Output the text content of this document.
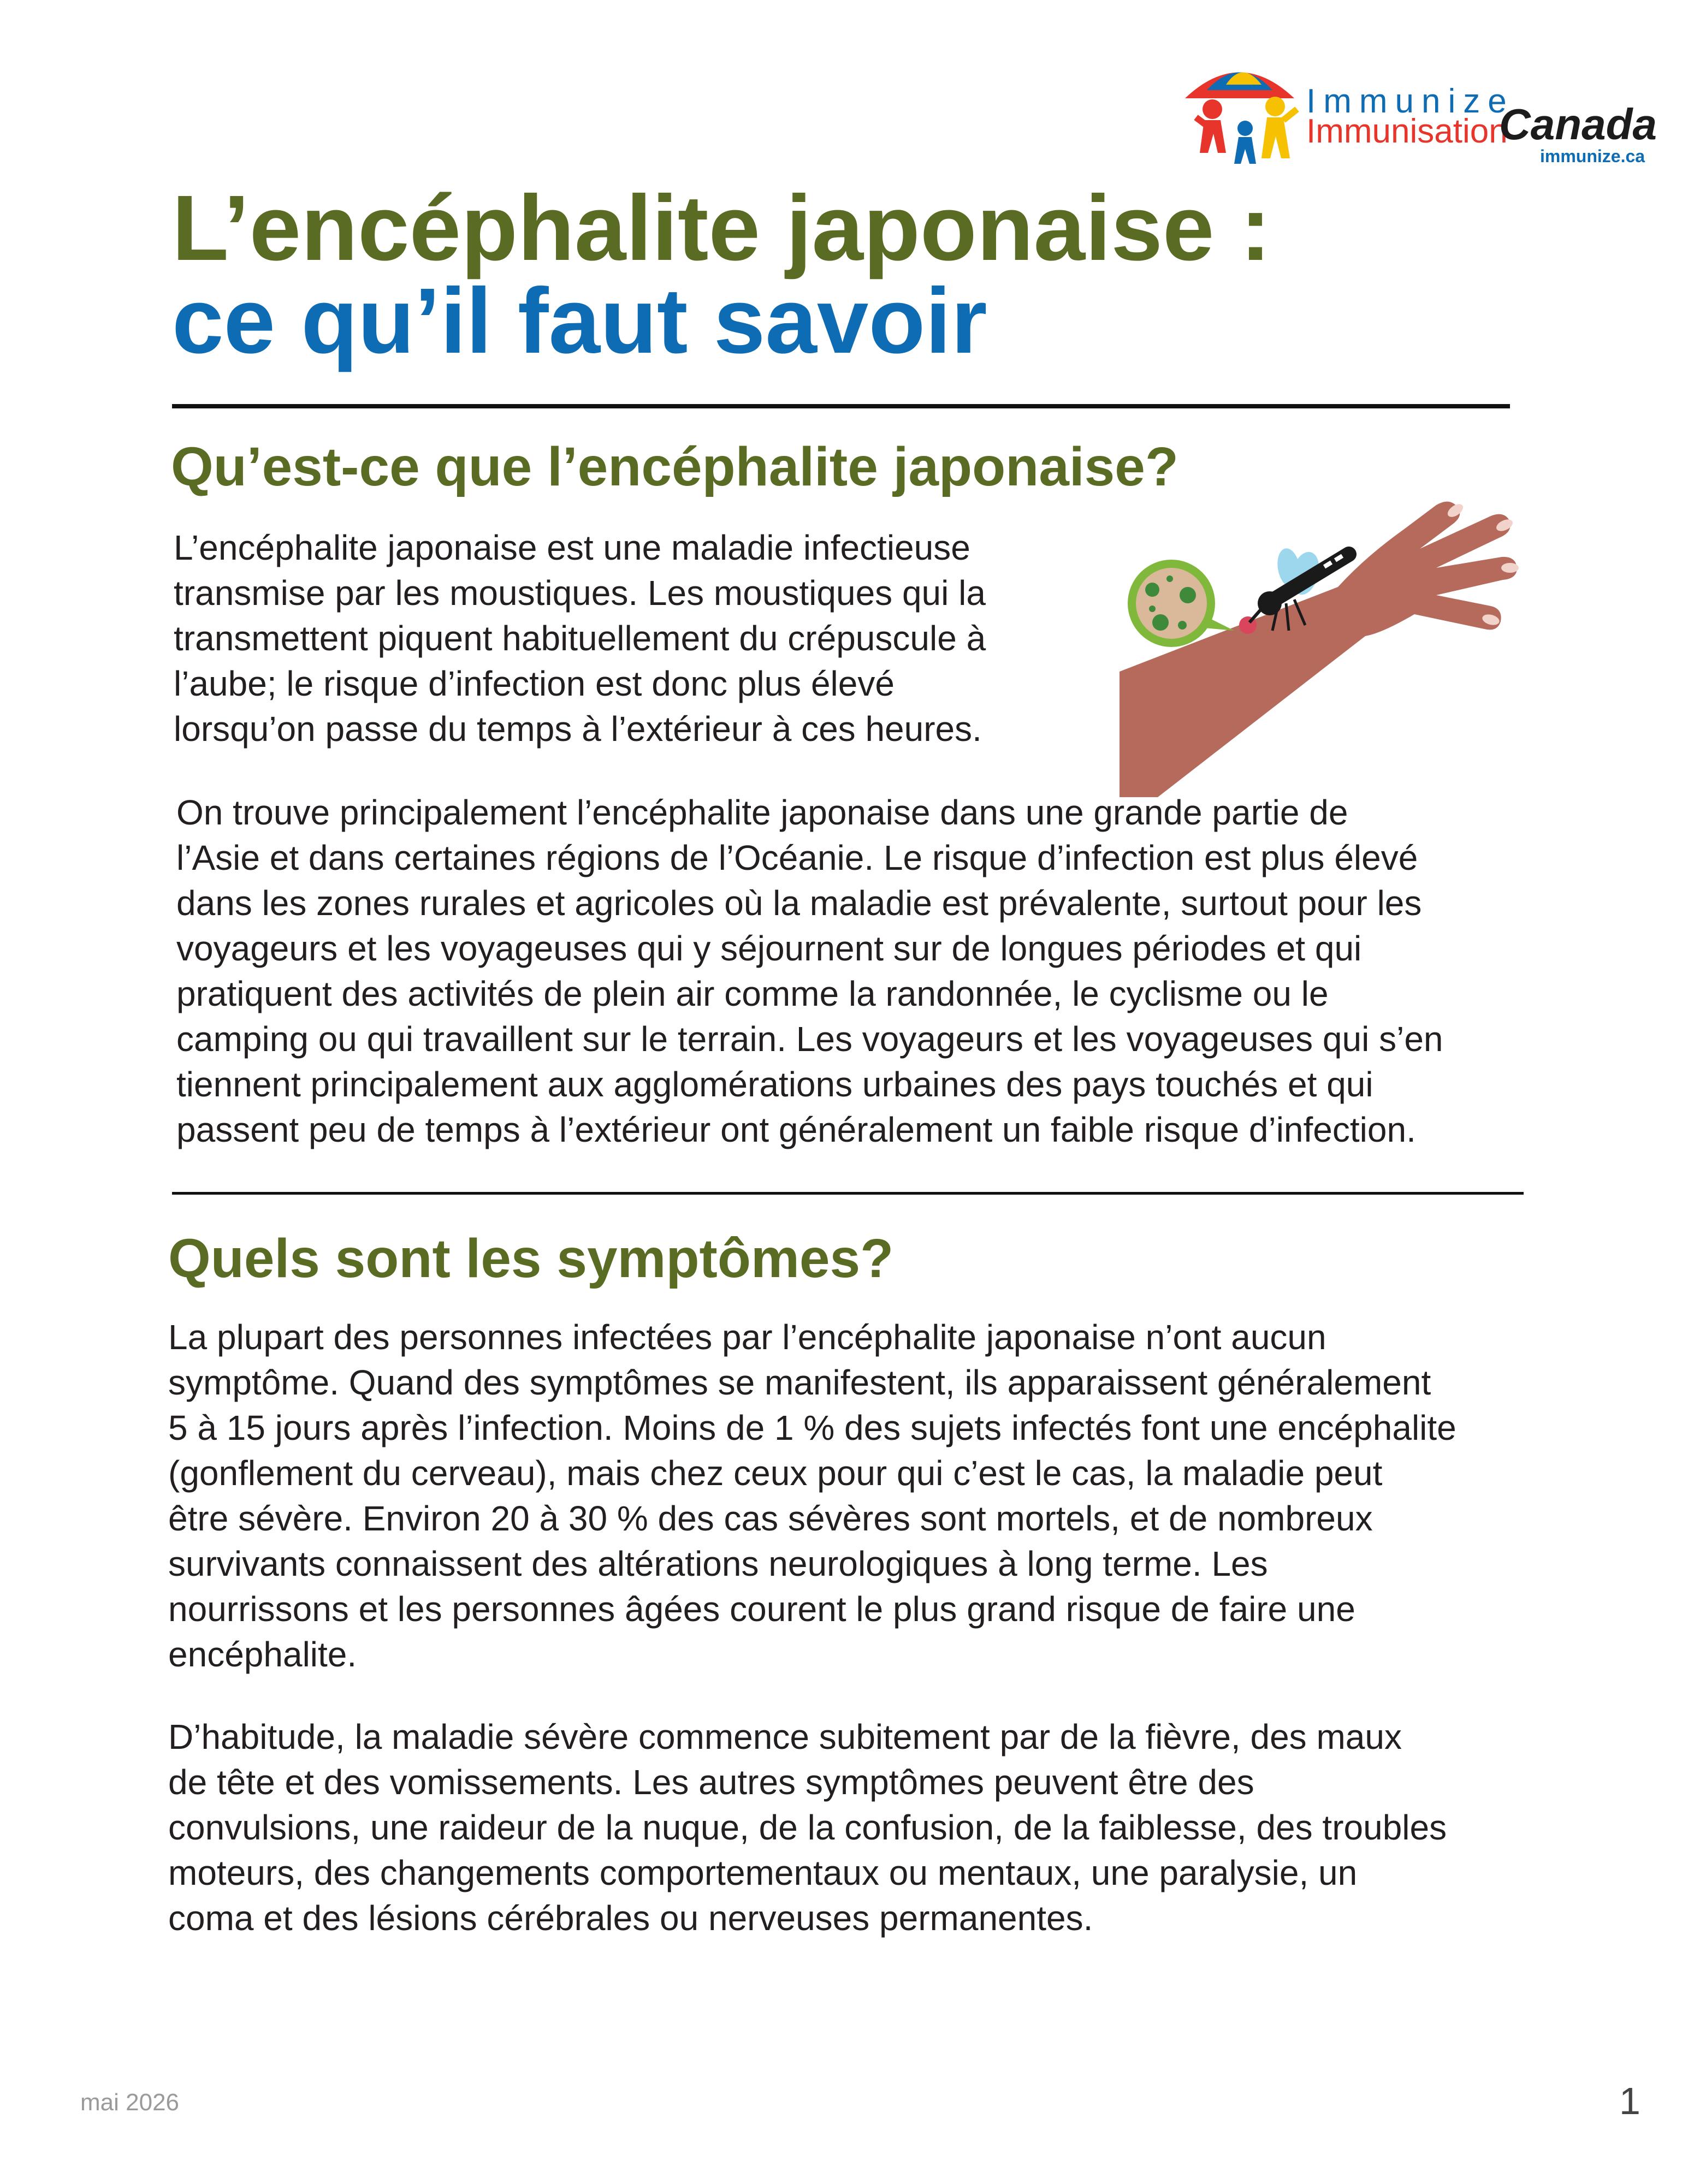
Immunize
Immunisation
Canada
immunize.ca
L’encéphalite japonaise :
ce qu’il faut savoir
Qu’est-ce que l’encéphalite japonaise?
L’encéphalite japonaise est une maladie infectieuse
transmise par les moustiques. Les moustiques qui la
transmettent piquent habituellement du crépuscule à
l’aube; le risque d’infection est donc plus élevé
lorsqu’on passe du temps à l’extérieur à ces heures.
On trouve principalement l’encéphalite japonaise dans une grande partie de
l’Asie et dans certaines régions de l’Océanie. Le risque d’infection est plus élevé
dans les zones rurales et agricoles où la maladie est prévalente, surtout pour les
voyageurs et les voyageuses qui y séjournent sur de longues périodes et qui
pratiquent des activités de plein air comme la randonnée, le cyclisme ou le
camping ou qui travaillent sur le terrain. Les voyageurs et les voyageuses qui s’en
tiennent principalement aux agglomérations urbaines des pays touchés et qui
passent peu de temps à l’extérieur ont généralement un faible risque d’infection.
Quels sont les symptômes?
La plupart des personnes infectées par l’encéphalite japonaise n’ont aucun
symptôme. Quand des symptômes se manifestent, ils apparaissent généralement
5 à 15 jours après l’infection. Moins de 1 % des sujets infectés font une encéphalite
(gonflement du cerveau), mais chez ceux pour qui c’est le cas, la maladie peut
être sévère. Environ 20 à 30 % des cas sévères sont mortels, et de nombreux
survivants connaissent des altérations neurologiques à long terme. Les
nourrissons et les personnes âgées courent le plus grand risque de faire une
encéphalite.
D’habitude, la maladie sévère commence subitement par de la fièvre, des maux
de tête et des vomissements. Les autres symptômes peuvent être des
convulsions, une raideur de la nuque, de la confusion, de la faiblesse, des troubles
moteurs, des changements comportementaux ou mentaux, une paralysie, un
coma et des lésions cérébrales ou nerveuses permanentes.
mai 2026	1
